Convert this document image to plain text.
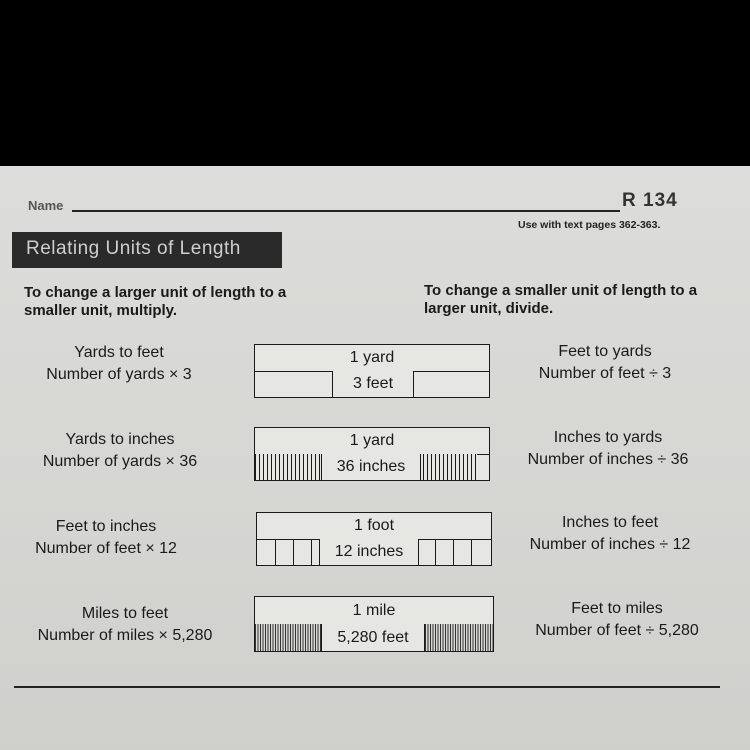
Name	R 134
Use with text pages 362-363.
Relating Units of Length
To change a larger unit of length to a smaller unit, multiply.
To change a smaller unit of length to a larger unit, divide.
Yards to feet
Number of yards × 3
1 yard
3 feet
Feet to yards
Number of feet ÷ 3
Yards to inches
Number of yards × 36
1 yard
36 inches
Inches to yards
Number of inches ÷ 36
Feet to inches
Number of feet × 12
1 foot
12 inches
Inches to feet
Number of inches ÷ 12
Miles to feet
Number of miles × 5,280
1 mile
5,280 feet
Feet to miles
Number of feet ÷ 5,280
